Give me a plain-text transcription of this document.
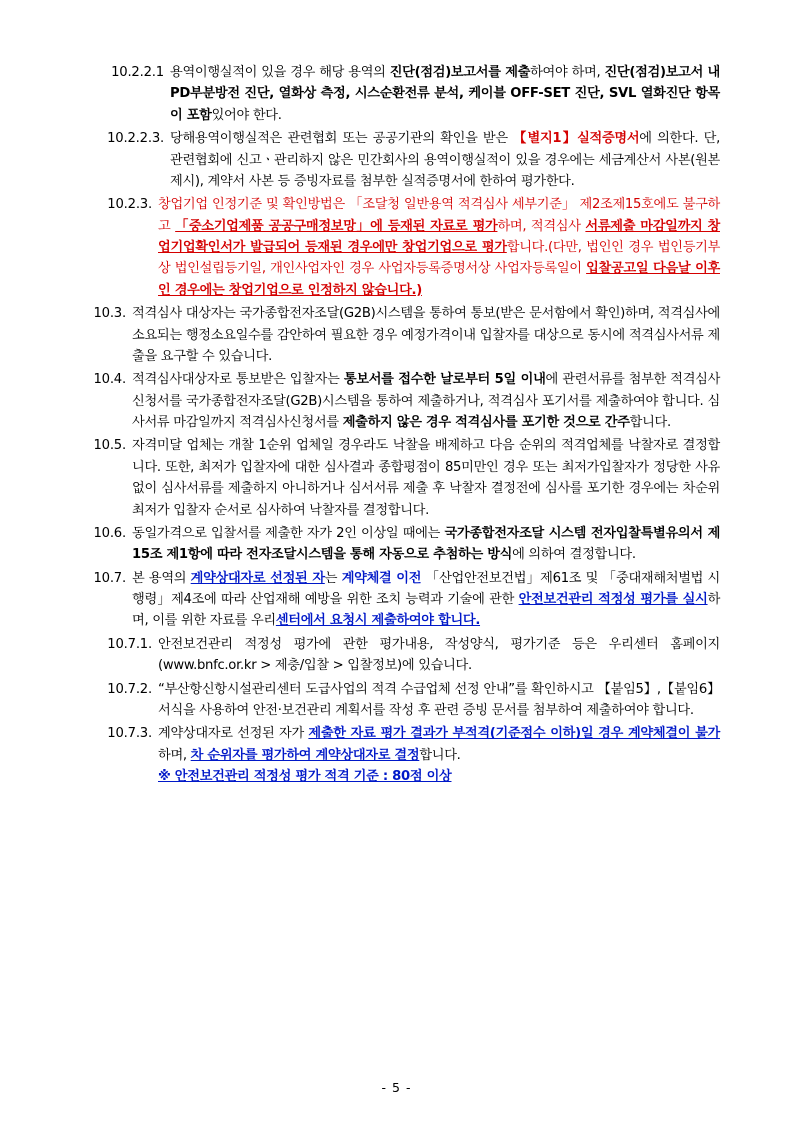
10.2.2.1 용역이행실적이 있을 경우 해당 용역의 진단(점검)보고서를 제출하여야 하며, 진단(점검)보고서 내 PD부분방전 진단, 열화상 측정, 시스순환전류 분석, 케이블 OFF-SET 진단, SVL 열화진단 항목이 포함있어야 한다.
10.2.2.3. 당해용역이행실적은 관련협회 또는 공공기관의 확인을 받은 【별지1】실적증명서에 의한다. 단, 관련협회에 신고ㆍ관리하지 않은 민간회사의 용역이행실적이 있을 경우에는 세금계산서 사본(원본 제시), 계약서 사본 등 증빙자료를 첨부한 실적증명서에 한하여 평가한다.
10.2.3. 창업기업 인정기준 및 확인방법은 「조달청 일반용역 적격심사 세부기준」 제2조제15호에도 불구하고 「중소기업제품 공공구매정보망」에 등재된 자료로 평가하며, 적격심사 서류제출 마감일까지 창업기업확인서가 발급되어 등재된 경우에만 창업기업으로 평가합니다.(다만, 법인인 경우 법인등기부상 법인설립등기일, 개인사업자인 경우 사업자등록증명서상 사업자등록일이 입찰공고일 다음날 이후인 경우에는 창업기업으로 인정하지 않습니다.)
10.3. 적격심사 대상자는 국가종합전자조달(G2B)시스템을 통하여 통보(받은 문서함에서 확인)하며, 적격심사에 소요되는 행정소요일수를 감안하여 필요한 경우 예정가격이내 입찰자를 대상으로 동시에 적격심사서류 제출을 요구할 수 있습니다.
10.4. 적격심사대상자로 통보받은 입찰자는 통보서를 접수한 날로부터 5일 이내에 관련서류를 첨부한 적격심사신청서를 국가종합전자조달(G2B)시스템을 통하여 제출하거나, 적격심사 포기서를 제출하여야 합니다. 심사서류 마감일까지 적격심사신청서를 제출하지 않은 경우 적격심사를 포기한 것으로 간주합니다.
10.5. 자격미달 업체는 개찰 1순위 업체일 경우라도 낙찰을 배제하고 다음 순위의 적격업체를 낙찰자로 결정합니다. 또한, 최저가 입찰자에 대한 심사결과 종합평점이 85미만인 경우 또는 최저가입찰자가 정당한 사유 없이 심사서류를 제출하지 아니하거나 심서서류 제출 후 낙찰자 결정전에 심사를 포기한 경우에는 차순위 최저가 입찰자 순서로 심사하여 낙찰자를 결정합니다.
10.6. 동일가격으로 입찰서를 제출한 자가 2인 이상일 때에는 국가종합전자조달 시스템 전자입찰특별유의서 제15조 제1항에 따라 전자조달시스템을 통해 자동으로 추첨하는 방식에 의하여 결정합니다.
10.7. 본 용역의 계약상대자로 선정된 자는 계약체결 이전 「산업안전보건법」제61조 및 「중대재해처벌법 시행령」제4조에 따라 산업재해 예방을 위한 조치 능력과 기술에 관한 안전보건관리 적정성 평가를 실시하며, 이를 위한 자료를 우리센터에서 요청시 제출하여야 합니다.
10.7.1. 안전보건관리 적정성 평가에 관한 평가내용, 작성양식, 평가기준 등은 우리센터 홈페이지(www.bnfc.or.kr > 제충/입찰 > 입찰정보)에 있습니다.
10.7.2. “부산항신항시설관리센터 도급사업의 적격 수급업체 선정 안내”를 확인하시고 【붙임5】,【붙임6】서식을 사용하여 안전·보건관리 계획서를 작성 후 관련 증빙 문서를 첨부하여 제출하여야 합니다.
10.7.3. 계약상대자로 선정된 자가 제출한 자료 평가 결과가 부적격(기준점수 이하)일 경우 계약체결이 불가하며, 차 순위자를 평가하여 계약상대자로 결정합니다.
※ 안전보건관리 적정성 평가 적격 기준 : 80점 이상
- 5 -
